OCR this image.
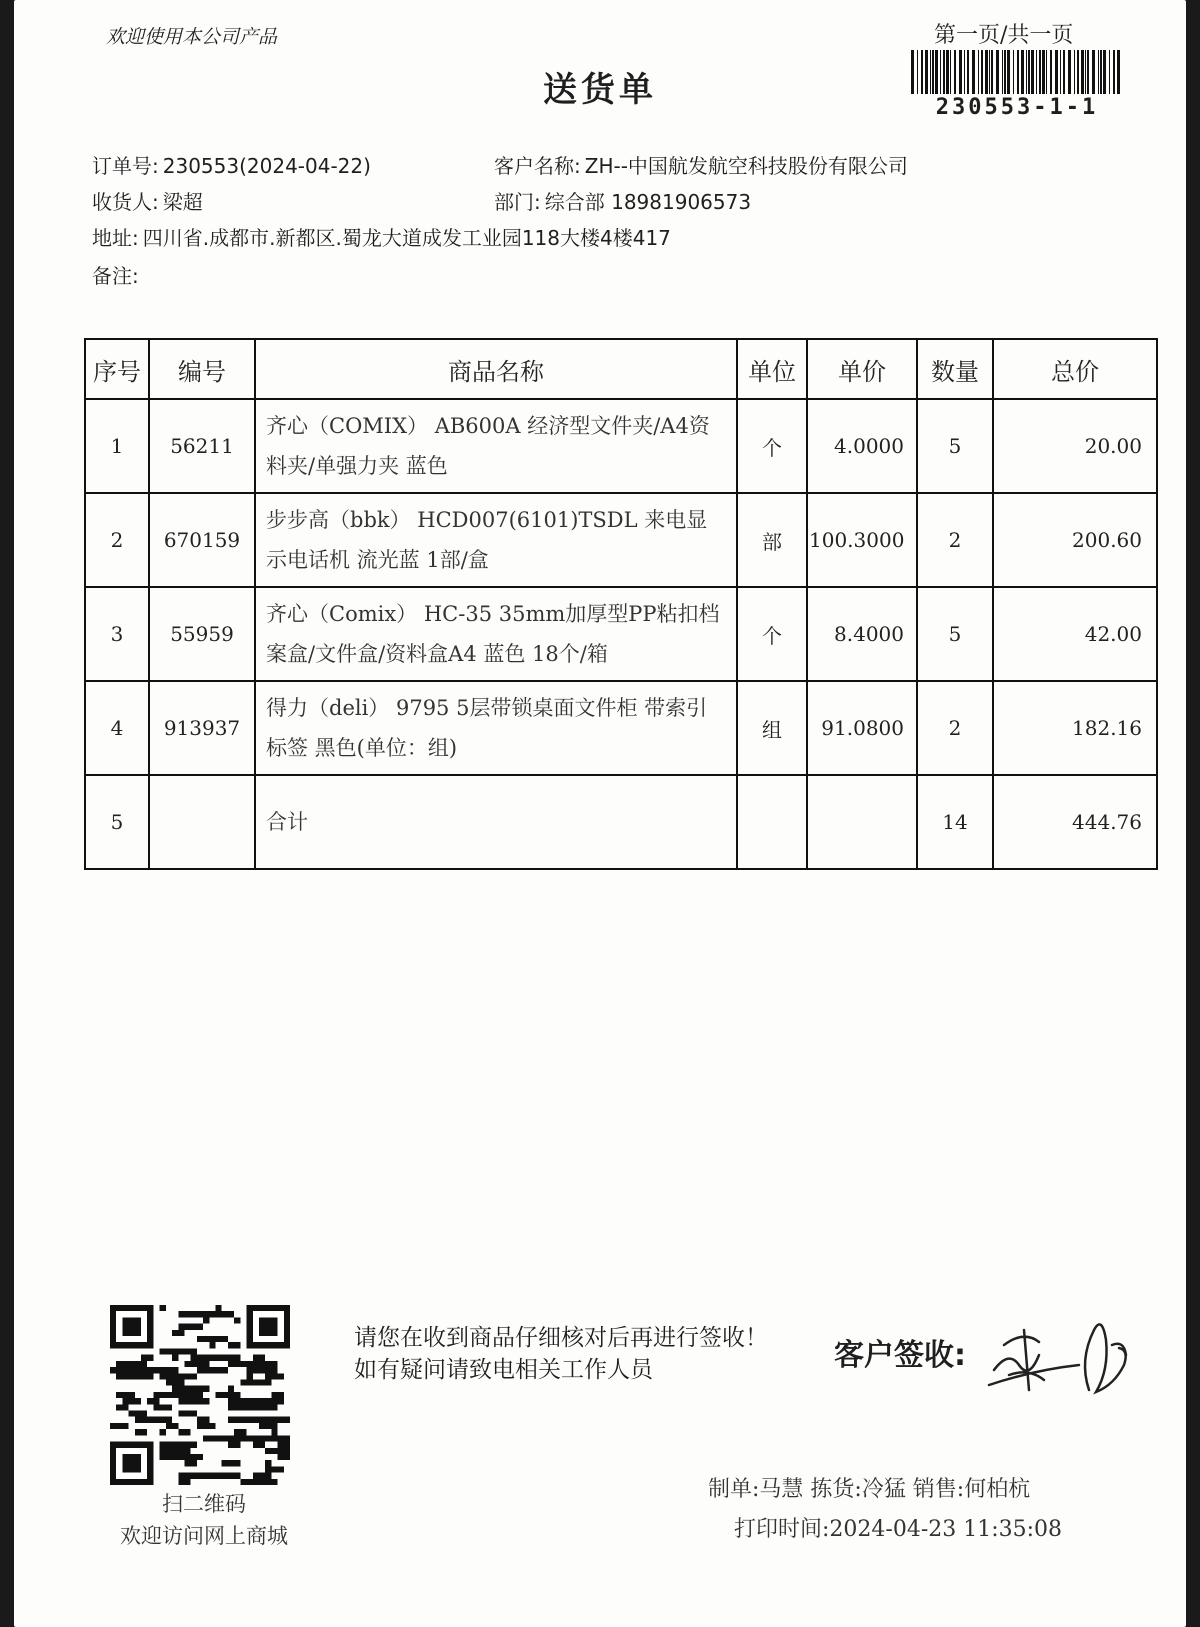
欢迎使用本公司产品
送货单
第一页/共一页
230553-1-1
订单号: 230553(2024-04-22)	客户名称: ZH--中国航发航空科技股份有限公司
收货人: 梁超	部门: 综合部 18981906573
地址: 四川省.成都市.新都区.蜀龙大道成发工业园118大楼4楼417
备注:
序号	编号	商品名称	单位	单价	数量	总价
1	56211	齐心（COMIX） AB600A 经济型文件夹/A4资料夹/单强力夹 蓝色	个	4.0000	5	20.00
2	670159	步步高（bbk） HCD007(6101)TSDL 来电显示电话机 流光蓝 1部/盒	部	100.3000	2	200.60
3	55959	齐心（Comix） HC-35 35mm加厚型PP粘扣档案盒/文件盒/资料盒A4 蓝色 18个/箱	个	8.4000	5	42.00
4	913937	得力（deli） 9795 5层带锁桌面文件柜 带索引标签 黑色(单位：组)	组	91.0800	2	182.16
5		合计			14	444.76
扫二维码
欢迎访问网上商城
请您在收到商品仔细核对后再进行签收！如有疑问请致电相关工作人员	客户签收:
制单:马慧 拣货:冷猛 销售:何柏杭
打印时间:2024-04-23 11:35:08
